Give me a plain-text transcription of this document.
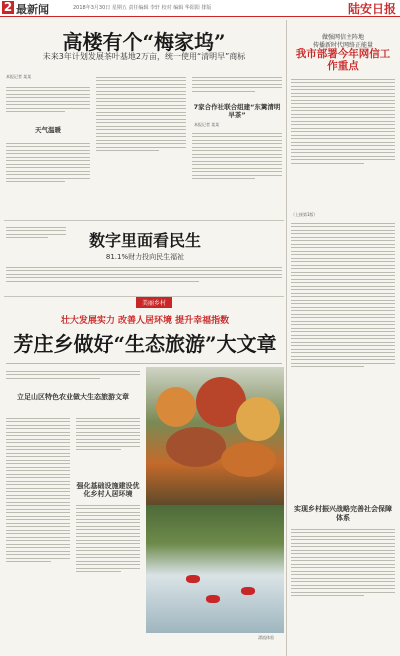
2 最新闻	2018年3月30日 星期五 责任编辑 李轩 校对 编辑 华阳阳 排版	陆安日报
高楼有个“梅家坞”
未来3年计划发展茶叶基地2万亩，统一使用“清明早”商标
本报记者 某某
天气温暖
7家合作社联合组建“东篱清明早茶”
本报记者 某某
数字里面看民生
81.1%财力投向民生福祉
美丽乡村
壮大发展实力 改善人居环境 提升幸福指数
芳庄乡做好“生态旅游”大文章
立足山区特色农业做大生态旅游文章
强化基础设施建设优化乡村人居环境
红枫丛林
漂流体验
做强网信主阵地
传播新时代网络正能量
我市部署今年网信工作重点
（上接第1版）
实现乡村振兴战略完善社会保障体系
